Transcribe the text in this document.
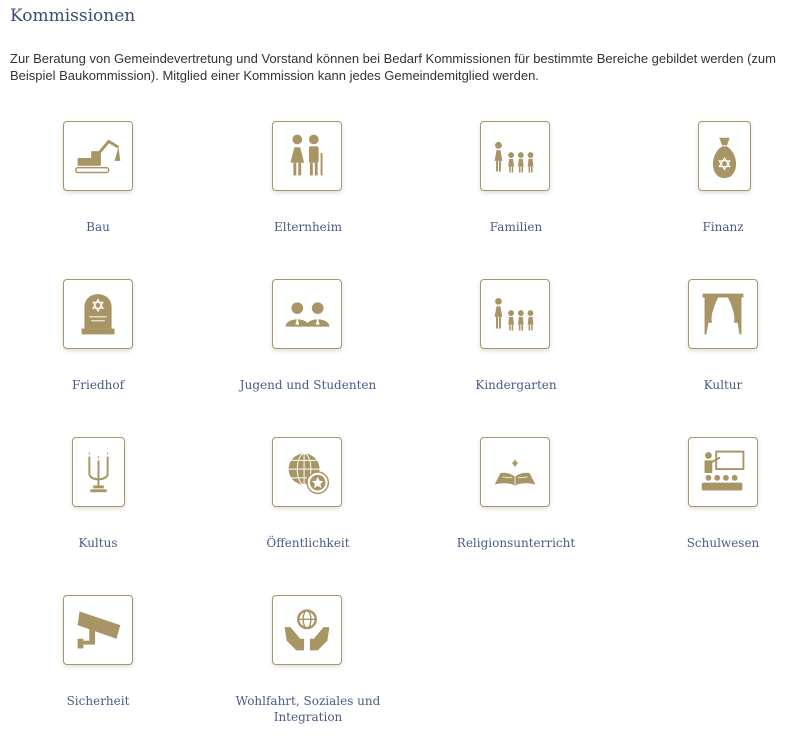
Kommissionen

Zur Beratung von Gemeindevertretung und Vorstand können bei Bedarf Kommissionen für bestimmte Bereiche gebildet werden (zum Beispiel Baukommission). Mitglied einer Kommission kann jedes Gemeindemitglied werden.

Bau	Elternheim	Familien	Finanz
Friedhof	Jugend und Studenten	Kindergarten	Kultur
Kultus	Öffentlichkeit	Religionsunterricht	Schulwesen
Sicherheit	Wohlfahrt, Soziales und Integration
